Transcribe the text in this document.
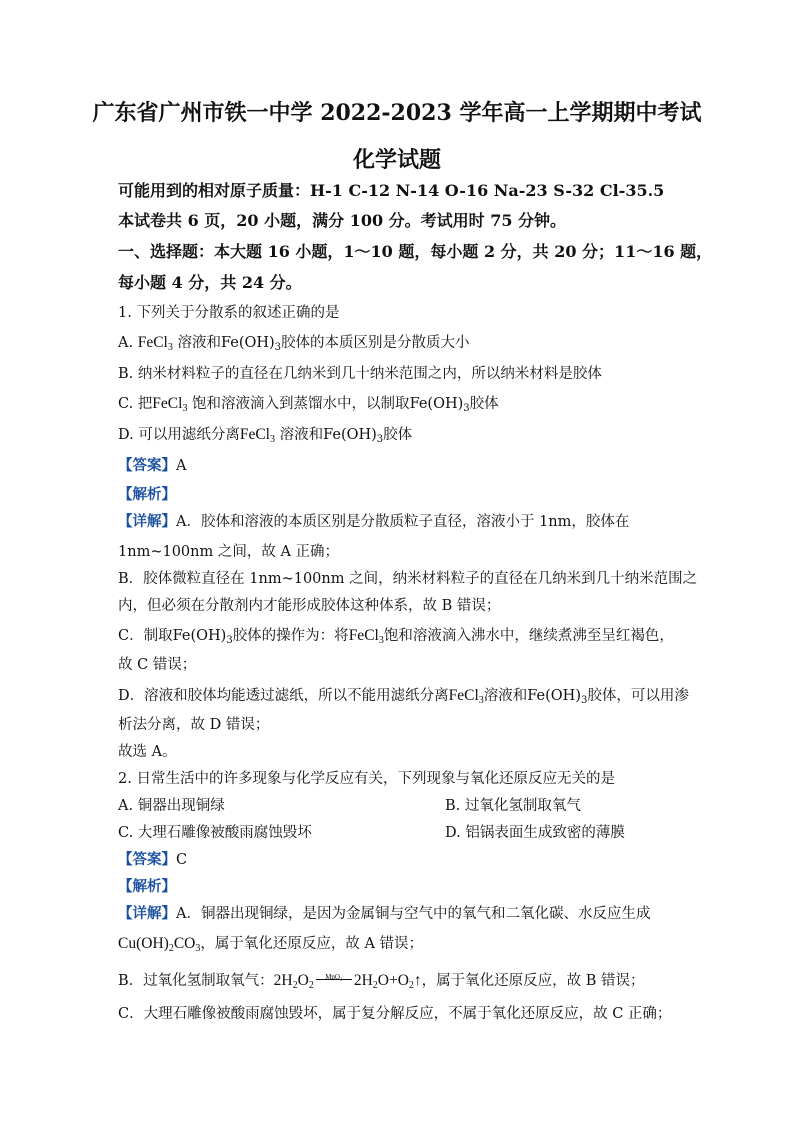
广东省广州市铁一中学 2022-2023 学年高一上学期期中考试
化学试题
可能用到的相对原子质量：H-1 C-12 N-14 O-16 Na-23 S-32 Cl-35.5
本试卷共 6 页，20 小题，满分 100 分。考试用时 75 分钟。
一、选择题：本大题 16 小题，1～10 题，每小题 2 分，共 20 分；11～16 题，
每小题 4 分，共 24 分。
1. 下列关于分散系的叙述正确的是
A. FeCl$_3$ 溶液和$Fe(OH)_3$胶体的本质区别是分散质大小
B. 纳米材料粒子的直径在几纳米到几十纳米范围之内，所以纳米材料是胶体
C. 把FeCl$_3$ 饱和溶液滴入到蒸馏水中，以制取$Fe(OH)_3$胶体
D. 可以用滤纸分离FeCl$_3$ 溶液和$Fe(OH)_3$胶体
【答案】A
【解析】
【详解】A．胶体和溶液的本质区别是分散质粒子直径，溶液小于 1nm，胶体在
1nm~100nm 之间，故 A 正确；
B．胶体微粒直径在 1nm~100nm 之间，纳米材料粒子的直径在几纳米到几十纳米范围之
内，但必须在分散剂内才能形成胶体这种体系，故 B 错误；
C．制取$Fe(OH)_3$胶体的操作为：将FeCl$_3$饱和溶液滴入沸水中，继续煮沸至呈红褐色，
故 C 错误；
D．溶液和胶体均能透过滤纸，所以不能用滤纸分离FeCl$_3$溶液和$Fe(OH)_3$胶体，可以用渗
析法分离，故 D 错误；
故选 A。
2. 日常生活中的许多现象与化学反应有关，下列现象与氧化还原反应无关的是
A. 铜器出现铜绿	B. 过氧化氢制取氧气
C. 大理石雕像被酸雨腐蚀毁坏	D. 铝锅表面生成致密的薄膜
【答案】C
【解析】
【详解】A．铜器出现铜绿，是因为金属铜与空气中的氧气和二氧化碳、水反应生成
$Cu(OH)_2CO_3$，属于氧化还原反应，故 A 错误；
B．过氧化氢制取氧气：$2H_2O_2$
MnO₂ $2H_2O+O_2↑$，属于氧化还原反应，故 B 错误；
C．大理石雕像被酸雨腐蚀毁坏，属于复分解反应，不属于氧化还原反应，故 C 正确；
